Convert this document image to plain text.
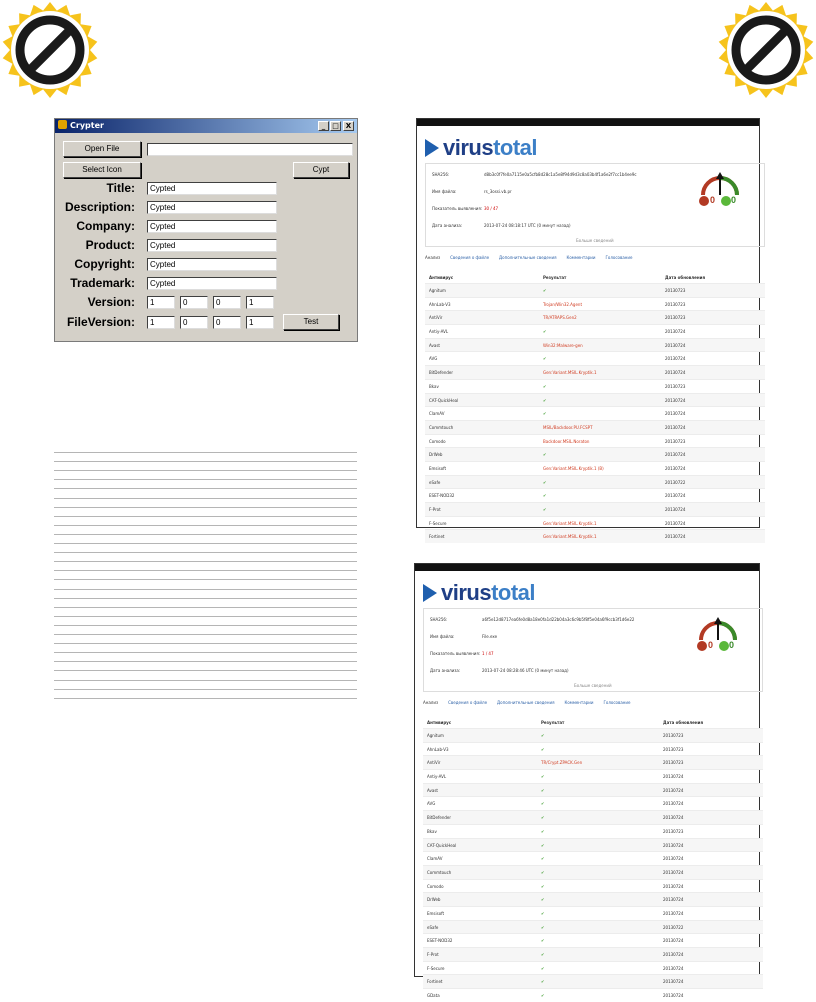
Crypter	_ □ X
Open File
Select Icon	Cypt
Title:	Cypted
Description:	Cypted
Company:	Cypted
Product:	Cypted
Copyright:	Cypted
Trademark:	Cypted
Version:	1	0	0	1
FileVersion:	1	0	0	1	Test
virustotal
SHA256:	d8b3c0f7fe0a7115e0a5cfb8d28c1a5e8f94d9d3c8a03b4f1a6e2f7cc1b4ee9c
Имя файла:	rs_3ossi.vb.pr
Показатель выявления: 30 / 47
Дата анализа:	2013-07-24 08:18:17 UTC (0 минут назад)
Больше сведений
0 0
Анализ	Сведения о файле	Дополнительные сведения	Комментарии	Голосование
Антивирус	Результат	Дата обновления
Agnitum	✔	20130723
AhnLab-V3	Trojan/Win32.Agent	20130723
AntiVir	TR/ATRAPS.Gen2	20130723
Antiy-AVL	✔	20130724
Avast	Win32:Malware-gen	20130724
AVG	✔	20130724
BitDefender	Gen:Variant.MSIL.Kryptik.1	20130724
Bkav	✔	20130723
CAT-QuickHeal	✔	20130724
ClamAV	✔	20130724
Commtouch	MSIL/Backdoor.PU.FCSPT	20130724
Comodo	Backdoor.MSIL.Noraton	20130723
DrWeb	✔	20130724
Emsisoft	Gen:Variant.MSIL.Kryptik.1 (B)	20130724
eSafe	✔	20130722
ESET-NOD32	✔	20130724
F-Prot	✔	20130724
F-Secure	Gen:Variant.MSIL.Kryptik.1	20130724
Fortinet	Gen:Variant.MSIL.Kryptik.1	20130724
virustotal
SHA256:	a6f5e12d8717ea6fe0d8a18e0fa1d22b04a3c6c9b5f8f5e04a6f9ccb3f1d6e22
Имя файла:	File.exe
Показатель выявления: 1 / 47
Дата анализа:	2013-07-24 08:28:46 UTC (0 минут назад)
Больше сведений
0 0
Анализ	Сведения о файле	Дополнительные сведения	Комментарии	Голосование
Антивирус	Результат	Дата обновления
Agnitum	✔	20130723
AhnLab-V3	✔	20130723
AntiVir	TR/Crypt.ZPACK.Gen	20130723
Antiy-AVL	✔	20130724
Avast	✔	20130724
AVG	✔	20130724
BitDefender	✔	20130724
Bkav	✔	20130723
CAT-QuickHeal	✔	20130724
ClamAV	✔	20130724
Commtouch	✔	20130724
Comodo	✔	20130724
DrWeb	✔	20130724
Emsisoft	✔	20130724
eSafe	✔	20130722
ESET-NOD32	✔	20130724
F-Prot	✔	20130724
F-Secure	✔	20130724
Fortinet	✔	20130724
GData	✔	20130724
